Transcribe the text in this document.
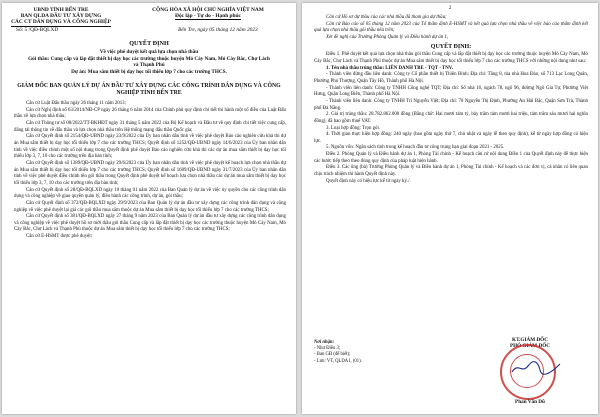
UBND TỈNH BẾN TRE
BAN QLDA ĐẦU TƯ XÂY DỰNG
CÁC CT DÂN DỤNG VÀ CÔNG NGHIỆP
CỘNG HÒA XÃ HỘI CHỦ NGHĨA VIỆT NAM
Độc lập - Tự do - Hạnh phúc
Số: 5 /QĐ-BQLXD	Bến Tre, ngày 05 tháng 12 năm 2023
QUYẾT ĐỊNH
Về việc phê duyệt kết quả lựa chọn nhà thầu
Gói thầu: Cung cấp và lắp đặt thiết bị dạy học các trường thuộc huyện Mỏ Cày Nam, Mỏ Cày Bắc, Chợ Lách và Thạnh Phú
Dự án: Mua sắm thiết bị dạy học tối thiểu lớp 7 cho các trường THCS.
GIÁM ĐỐC BAN QUẢN LÝ DỰ ÁN ĐẦU TƯ XÂY DỰNG CÁC CÔNG TRÌNH DÂN DỤNG VÀ CÔNG NGHIỆP TỈNH BẾN TRE

Căn cứ Luật Đấu thầu ngày 26 tháng 11 năm 2013;

Căn cứ Nghị định số 63/2014/NĐ-CP ngày 26 tháng 6 năm 2014 của Chính phủ quy định chi tiết thi hành một số điều của Luật Đấu thầu về lựa chọn nhà thầu;

Căn cứ Thông tư số 08/2022/TT-BKHĐT ngày 31 tháng 5 năm 2022 của Bộ Kế hoạch và Đầu tư về quy định chi tiết việc cung cấp, đăng tải thông tin về đấu thầu và lựa chọn nhà thầu trên Hệ thống mạng đấu thầu Quốc gia;

Căn cứ Quyết định số 2154/QĐ-UBND ngày 23/9/2022 của Ủy ban nhân dân tỉnh về việc phê duyệt Báo cáo nghiên cứu khả thi dự án Mua sắm thiết bị dạy học tối thiểu lớp 7 cho các trường THCS; Quyết định số 1252/QĐ-UBND ngày 14/6/2023 của Ủy ban nhân dân tỉnh về việc điều chỉnh một số nội dung trong Quyết định phê duyệt Báo cáo nghiên cứu khả thi các dự án mua sắm thiết bị dạy học tối thiểu lớp 3, 7, 10 cho các trường trên địa bàn tỉnh;

Căn cứ Quyết định số 1389/QĐ-UBND ngày 29/6/2023 của Ủy ban nhân dân tỉnh về việc phê duyệt kế hoạch lựa chọn nhà thầu dự án Mua sắm thiết bị dạy học tối thiểu lớp 7 cho các trường THCS; Quyết định số 1609/QĐ-UBND ngày 31/7/2023 của Ủy ban nhân dân tỉnh về việc phê duyệt điều chỉnh tên gói thầu trong Quyết định phê duyệt kế hoạch lựa chọn nhà thầu các dự án mua sắm thiết bị dạy học tối thiểu lớp 3, 7, 10 cho các trường trên địa bàn tỉnh;

Căn cứ Quyết định số 28/QĐ-BQLXD ngày 10 tháng 01 năm 2022 của Ban Quản lý dự án về việc ủy quyền cho các công trình dân dụng và công nghiệp về giao quyền quản lý, điều hành các công trình, dự án, gói thầu;

Căn cứ Quyết định số 372/QĐ-BQLXD ngày 29/9/2023 của Ban Quản lý dự án đầu tư xây dựng các công trình dân dụng và công nghiệp về việc phê duyệt lại giá các gói thầu mua sắm thuộc dự án Mua sắm thiết bị dạy học tối thiểu lớp 7 cho các trường THCS;

Căn cứ Quyết định số 381/QĐ-BQLXD ngày 27 tháng 9 năm 2023 của Ban Quản lý dự án đầu tư xây dựng các công trình dân dụng và công nghiệp về việc phê duyệt hồ sơ mời thầu gói thầu Cung cấp và lắp đặt thiết bị dạy học các trường thuộc huyện Mỏ Cày Nam, Mỏ Cày Bắc, Chợ Lách và Thạnh Phú thuộc dự án Mua sắm thiết bị dạy học tối thiểu lớp 7 cho các trường THCS;

Căn cứ E-HSMT được phê duyệt;

2

Căn cứ Hồ sơ dự thầu của các nhà thầu đã tham gia dự thầu;

Căn cứ Báo cáo số 05 tháng 12 năm 2023 của Tổ thẩm định E-HSMT và kết quả lựa chọn nhà thầu về việc báo cáo thẩm định kết quả lựa chọn nhà thầu gói thầu nêu trên;

Xét đề nghị của Trưởng Phòng Quản lý và Điều hành dự án 1,

QUYẾT ĐỊNH:

Điều 1. Phê duyệt kết quả lựa chọn nhà thầu gói thầu Cung cấp và lắp đặt thiết bị dạy học các trường thuộc huyện Mỏ Cày Nam, Mỏ Cày Bắc, Chợ Lách và Thạnh Phú thuộc dự án Mua sắm thiết bị dạy học tối thiểu lớp 7 cho các trường THCS với những nội dung như sau:

1. Tên nhà thầu trúng thầu: LIÊN DANH TBE - TQT - TNV.

- Thành viên đứng đầu liên danh: Công ty Cổ phần thiết bị Thiên Bình; Địa chỉ: Tầng 8, tòa nhà Hoa Đào, số 713 Lạc Long Quân, Phường Phú Thượng, Quận Tây Hồ, Thành phố Hà Nội.

- Thành viên liên danh: Công ty TNHH Công nghệ TQT; Địa chỉ: Số nhà 16, ngách 78, ngõ 96, đường Ngô Gia Tự, Phường Việt Hưng, Quận Long Biên, Thành phố Hà Nội.

- Thành viên liên danh: Công ty TNHH Trí Nguyễn Việt; Địa chỉ: 70 Nguyễn Thị Định, Phường An Hải Bắc, Quận Sơn Trà, Thành phố Đà Nẵng.

2. Giá trị trúng thầu: 28.782.862.000 đồng (Bằng chữ: Hai mươi tám tỷ, bảy trăm tám mươi hai triệu, tám trăm sáu mươi hai nghìn đồng), đã bao gồm thuế VAT.

3. Loại hợp đồng: Trọn gói.

4. Thời gian thực hiện hợp đồng: 240 ngày (bao gồm ngày thứ 7, chủ nhật và ngày lễ theo quy định), kể từ ngày hợp đồng có hiệu lực.

5. Nguồn vốn: Ngân sách tỉnh trong kế hoạch đầu tư công trung hạn giai đoạn 2021 - 2025.

Điều 2. Phòng Quản lý và Điều hành dự án 1, Phòng Tài chính - Kế hoạch căn cứ nội dung Điều 1 của Quyết định này để thực hiện các bước tiếp theo theo đúng quy định của pháp luật hiện hành.

Điều 3. Các ông (bà) Trưởng Phòng Quản lý và Điều hành dự án 1, Phòng Tài chính - Kế hoạch và các đơn vị, cá nhân có liên quan chịu trách nhiệm thi hành Quyết định này.

Quyết định này có hiệu lực kể từ ngày ký./.

Nơi nhận:
- Như Điều 3;
- Ban GĐ (để biết);
- Lưu: VT, QLDA1, (01).
KT.GIÁM ĐỐC
PHÓ GIÁM ĐỐC
Phan Văn Dũ
